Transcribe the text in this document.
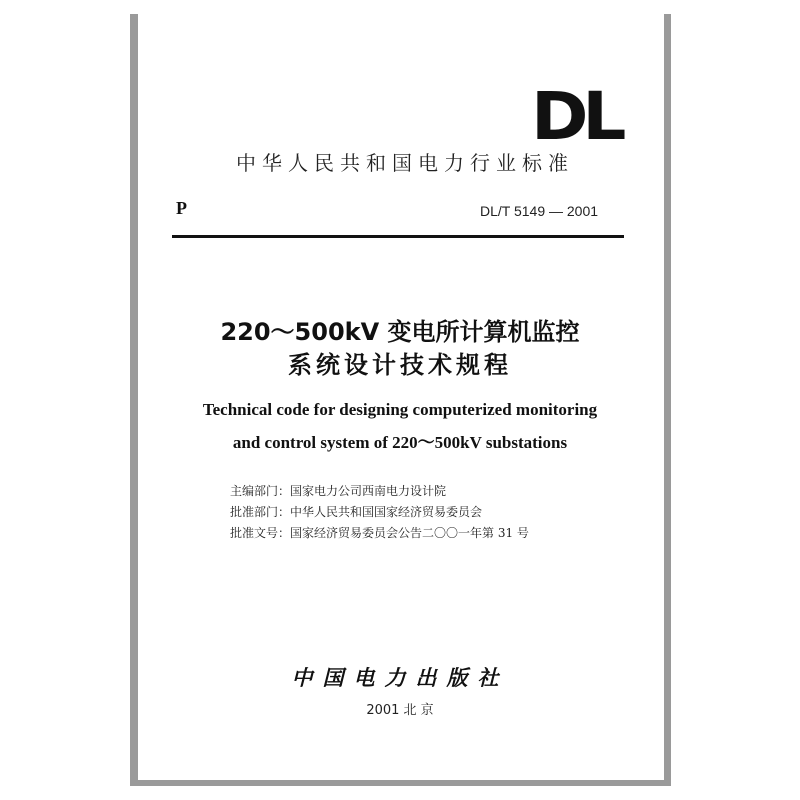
DL
中华人民共和国电力行业标准
P	DL/T 5149 — 2001
220～500kV 变电所计算机监控
系统设计技术规程
Technical code for designing computerized monitoring
and control system of 220～500kV substations
主编部门：国家电力公司西南电力设计院
批准部门：中华人民共和国国家经济贸易委员会
批准文号：国家经济贸易委员会公告二〇〇一年第 31 号
中国电力出版社
2001 北 京
